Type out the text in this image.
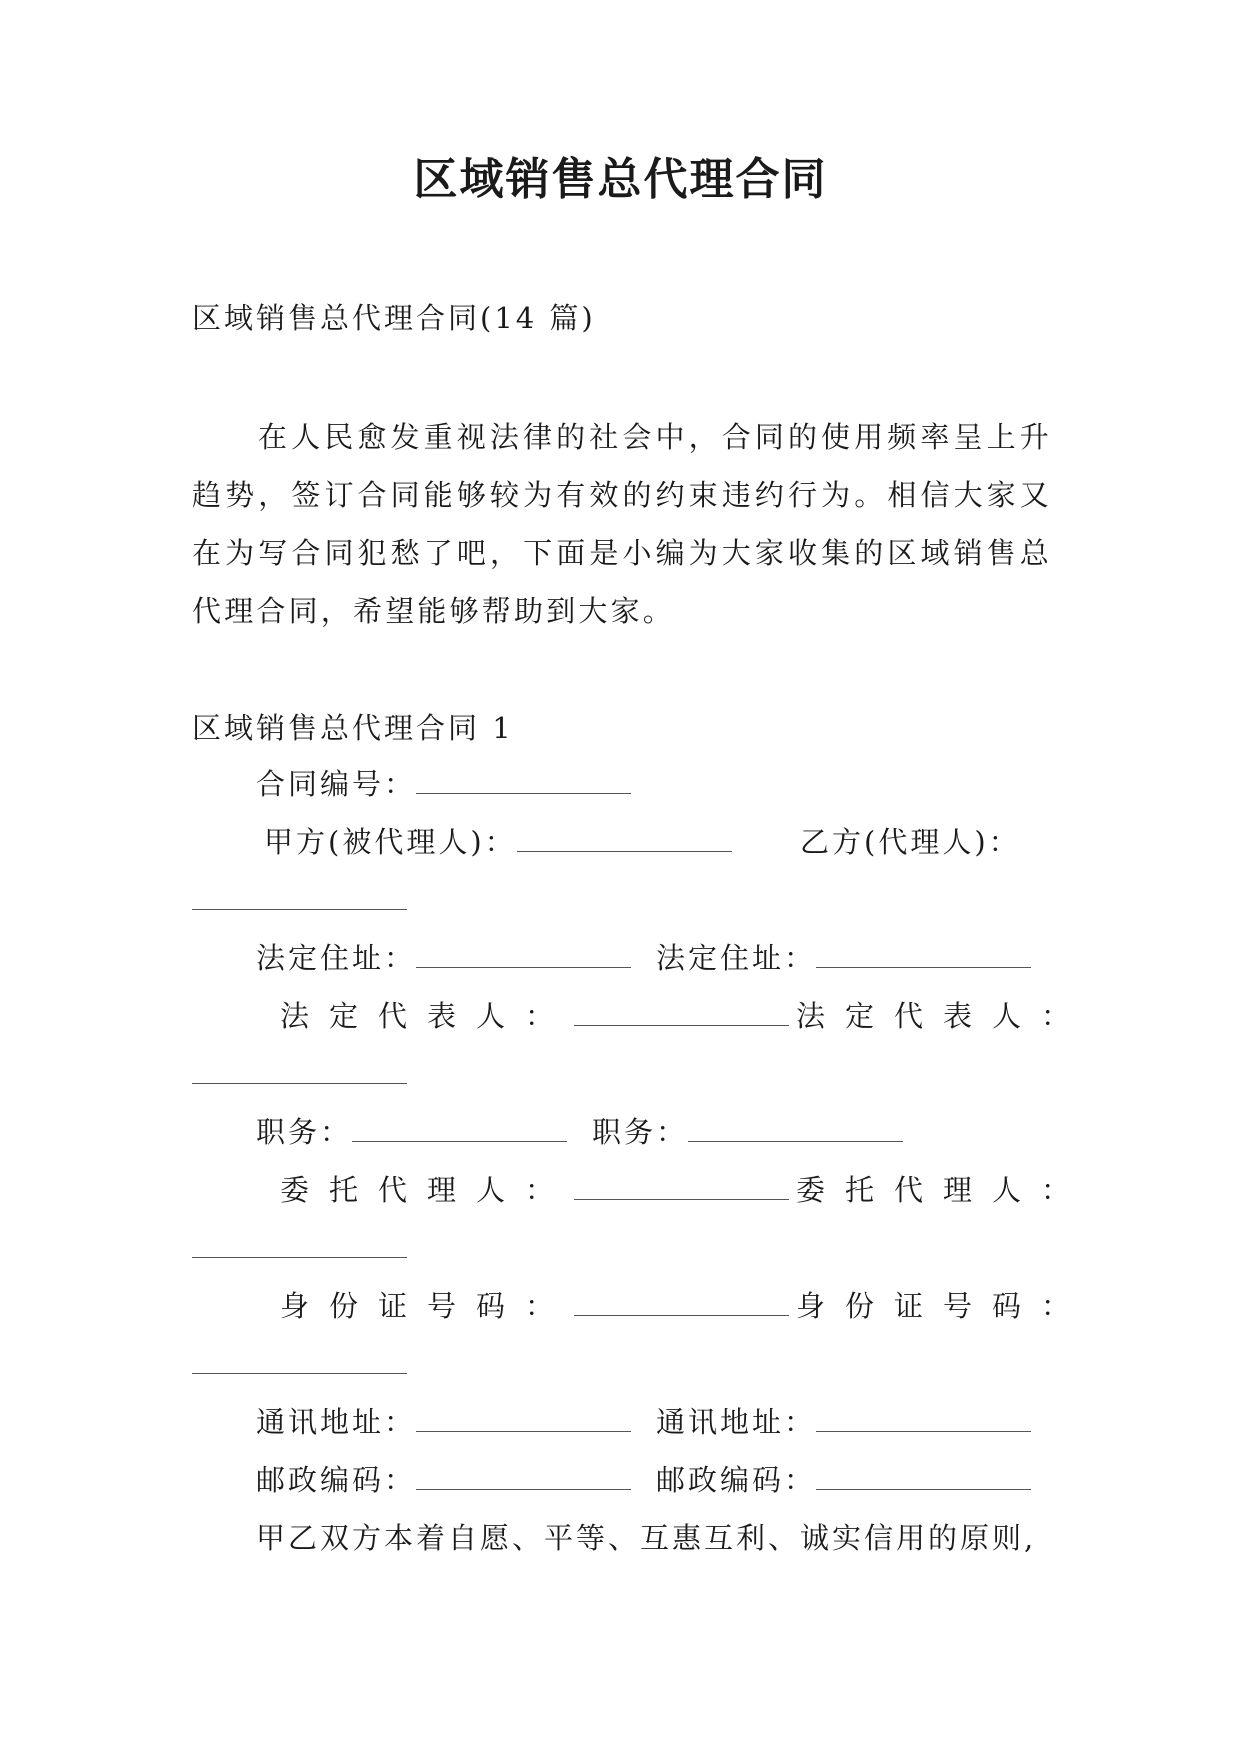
区域销售总代理合同
区域销售总代理合同(14 篇)
在人民愈发重视法律的社会中，合同的使用频率呈上升趋势，签订合同能够较为有效的约束违约行为。相信大家又在为写合同犯愁了吧，下面是小编为大家收集的区域销售总代理合同，希望能够帮助到大家。
区域销售总代理合同 1
合同编号：
甲方(被代理人)：	乙方(代理人)：
法定住址：	法定住址：
法定代表人：	法定代表人：
职务：	职务：
委托代理人：	委托代理人：
身份证号码：	身份证号码：
通讯地址：	通讯地址：
邮政编码：	邮政编码：
甲乙双方本着自愿、平等、互惠互利、诚实信用的原则,
